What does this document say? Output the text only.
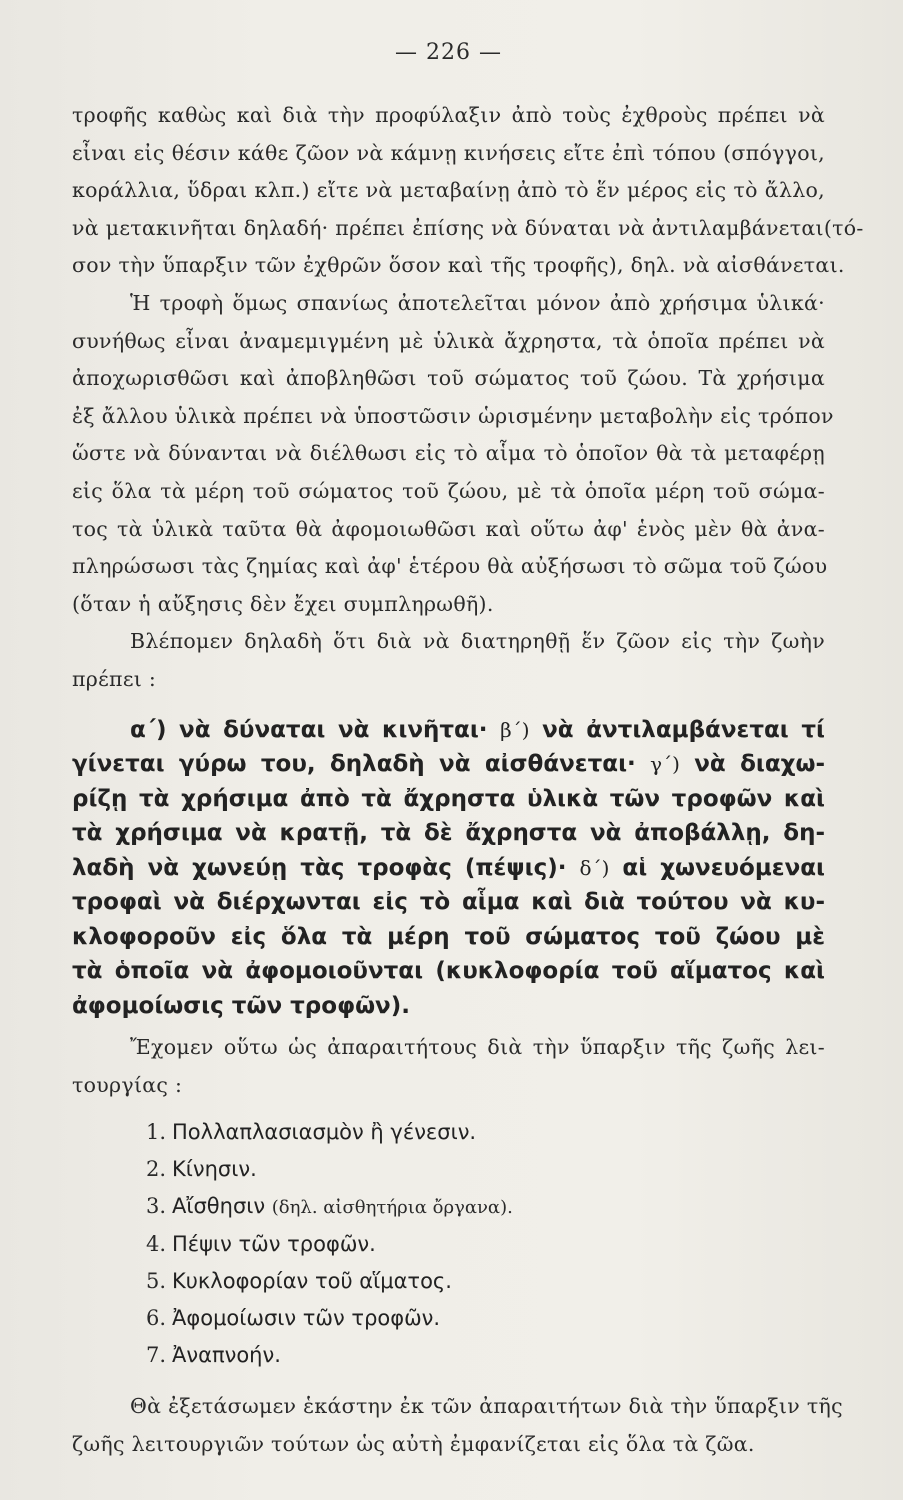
— 226 —
τροφῆς καθὼς καὶ διὰ τὴν προφύλαξιν ἀπὸ τοὺς ἐχθροὺς πρέπει νὰ
εἶναι εἰς θέσιν κάθε ζῶον νὰ κάμνῃ κινήσεις εἴτε ἐπὶ τόπου (σπόγγοι,
κοράλλια, ὕδραι κλπ.) εἴτε νὰ μεταβαίνῃ ἀπὸ τὸ ἕν μέρος εἰς τὸ ἄλλο,
νὰ μετακινῆται δηλαδή· πρέπει ἐπίσης νὰ δύναται νὰ ἀντιλαμβάνεται(τό-
σον τὴν ὕπαρξιν τῶν ἐχθρῶν ὅσον καὶ τῆς τροφῆς), δηλ. νὰ αἰσθάνεται.
Ἡ τροφὴ ὅμως σπανίως ἀποτελεῖται μόνον ἀπὸ χρήσιμα ὑλικά·
συνήθως εἶναι ἀναμεμιγμένη μὲ ὑλικὰ ἄχρηστα, τὰ ὁποῖα πρέπει νὰ
ἀποχωρισθῶσι καὶ ἀποβληθῶσι τοῦ σώματος τοῦ ζώου. Τὰ χρήσιμα
ἐξ ἄλλου ὑλικὰ πρέπει νὰ ὑποστῶσιν ὡρισμένην μεταβολὴν εἰς τρόπον
ὥστε νὰ δύνανται νὰ διέλθωσι εἰς τὸ αἷμα τὸ ὁποῖον θὰ τὰ μεταφέρῃ
εἰς ὅλα τὰ μέρη τοῦ σώματος τοῦ ζώου, μὲ τὰ ὁποῖα μέρη τοῦ σώμα-
τος τὰ ὑλικὰ ταῦτα θὰ ἀφομοιωθῶσι καὶ οὕτω ἀφ' ἑνὸς μὲν θὰ ἀνα-
πληρώσωσι τὰς ζημίας καὶ ἀφ' ἑτέρου θὰ αὐξήσωσι τὸ σῶμα τοῦ ζώου
(ὅταν ἡ αὔξησις δὲν ἔχει συμπληρωθῆ).
Βλέπομεν δηλαδὴ ὅτι διὰ νὰ διατηρηθῇ ἕν ζῶον εἰς τὴν ζωὴν
πρέπει :
α΄) νὰ δύναται νὰ κινῆται· β΄) νὰ ἀντιλαμβάνεται τί
γίνεται γύρω του, δηλαδὴ νὰ αἰσθάνεται· γ΄) νὰ διαχω-
ρίζῃ τὰ χρήσιμα ἀπὸ τὰ ἄχρηστα ὑλικὰ τῶν τροφῶν καὶ
τὰ χρήσιμα νὰ κρατῇ, τὰ δὲ ἄχρηστα νὰ ἀποβάλλῃ, δη-
λαδὴ νὰ χωνεύῃ τὰς τροφὰς (πέψις)· δ΄) αἱ χωνευόμεναι
τροφαὶ νὰ διέρχωνται εἰς τὸ αἷμα καὶ διὰ τούτου νὰ κυ-
κλοφοροῦν εἰς ὅλα τὰ μέρη τοῦ σώματος τοῦ ζώου μὲ
τὰ ὁποῖα νὰ ἀφομοιοῦνται (κυκλοφορία τοῦ αἵματος καὶ
ἀφομοίωσις τῶν τροφῶν).
Ἔχομεν οὕτω ὡς ἀπαραιτήτους διὰ τὴν ὕπαρξιν τῆς ζωῆς λει-
τουργίας :
1. Πολλαπλασιασμὸν ἢ γένεσιν.
2. Κίνησιν.
3. Αἴσθησιν (δηλ. αἰσθητήρια ὄργανα).
4. Πέψιν τῶν τροφῶν.
5. Κυκλοφορίαν τοῦ αἵματος.
6. Ἀφομοίωσιν τῶν τροφῶν.
7. Ἀναπνοήν.
Θὰ ἐξετάσωμεν ἑκάστην ἐκ τῶν ἀπαραιτήτων διὰ τὴν ὕπαρξιν τῆς
ζωῆς λειτουργιῶν τούτων ὡς αὐτὴ ἐμφανίζεται εἰς ὅλα τὰ ζῶα.
